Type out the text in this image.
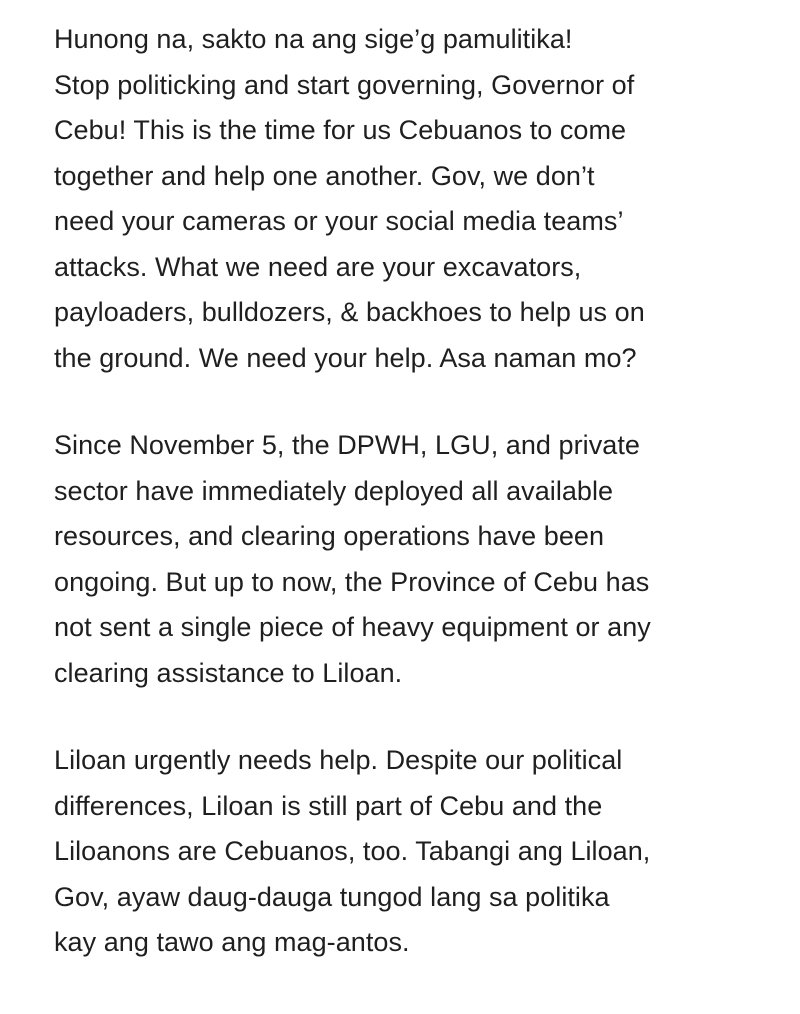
Hunong na, sakto na ang sige’g pamulitika!
Stop politicking and start governing, Governor of
Cebu! This is the time for us Cebuanos to come
together and help one another. Gov, we don’t
need your cameras or your social media teams’
attacks. What we need are your excavators,
payloaders, bulldozers, & backhoes to help us on
the ground. We need your help. Asa naman mo?

Since November 5, the DPWH, LGU, and private
sector have immediately deployed all available
resources, and clearing operations have been
ongoing. But up to now, the Province of Cebu has
not sent a single piece of heavy equipment or any
clearing assistance to Liloan.

Liloan urgently needs help. Despite our political
differences, Liloan is still part of Cebu and the
Liloanons are Cebuanos, too. Tabangi ang Liloan,
Gov, ayaw daug-dauga tungod lang sa politika
kay ang tawo ang mag-antos.
